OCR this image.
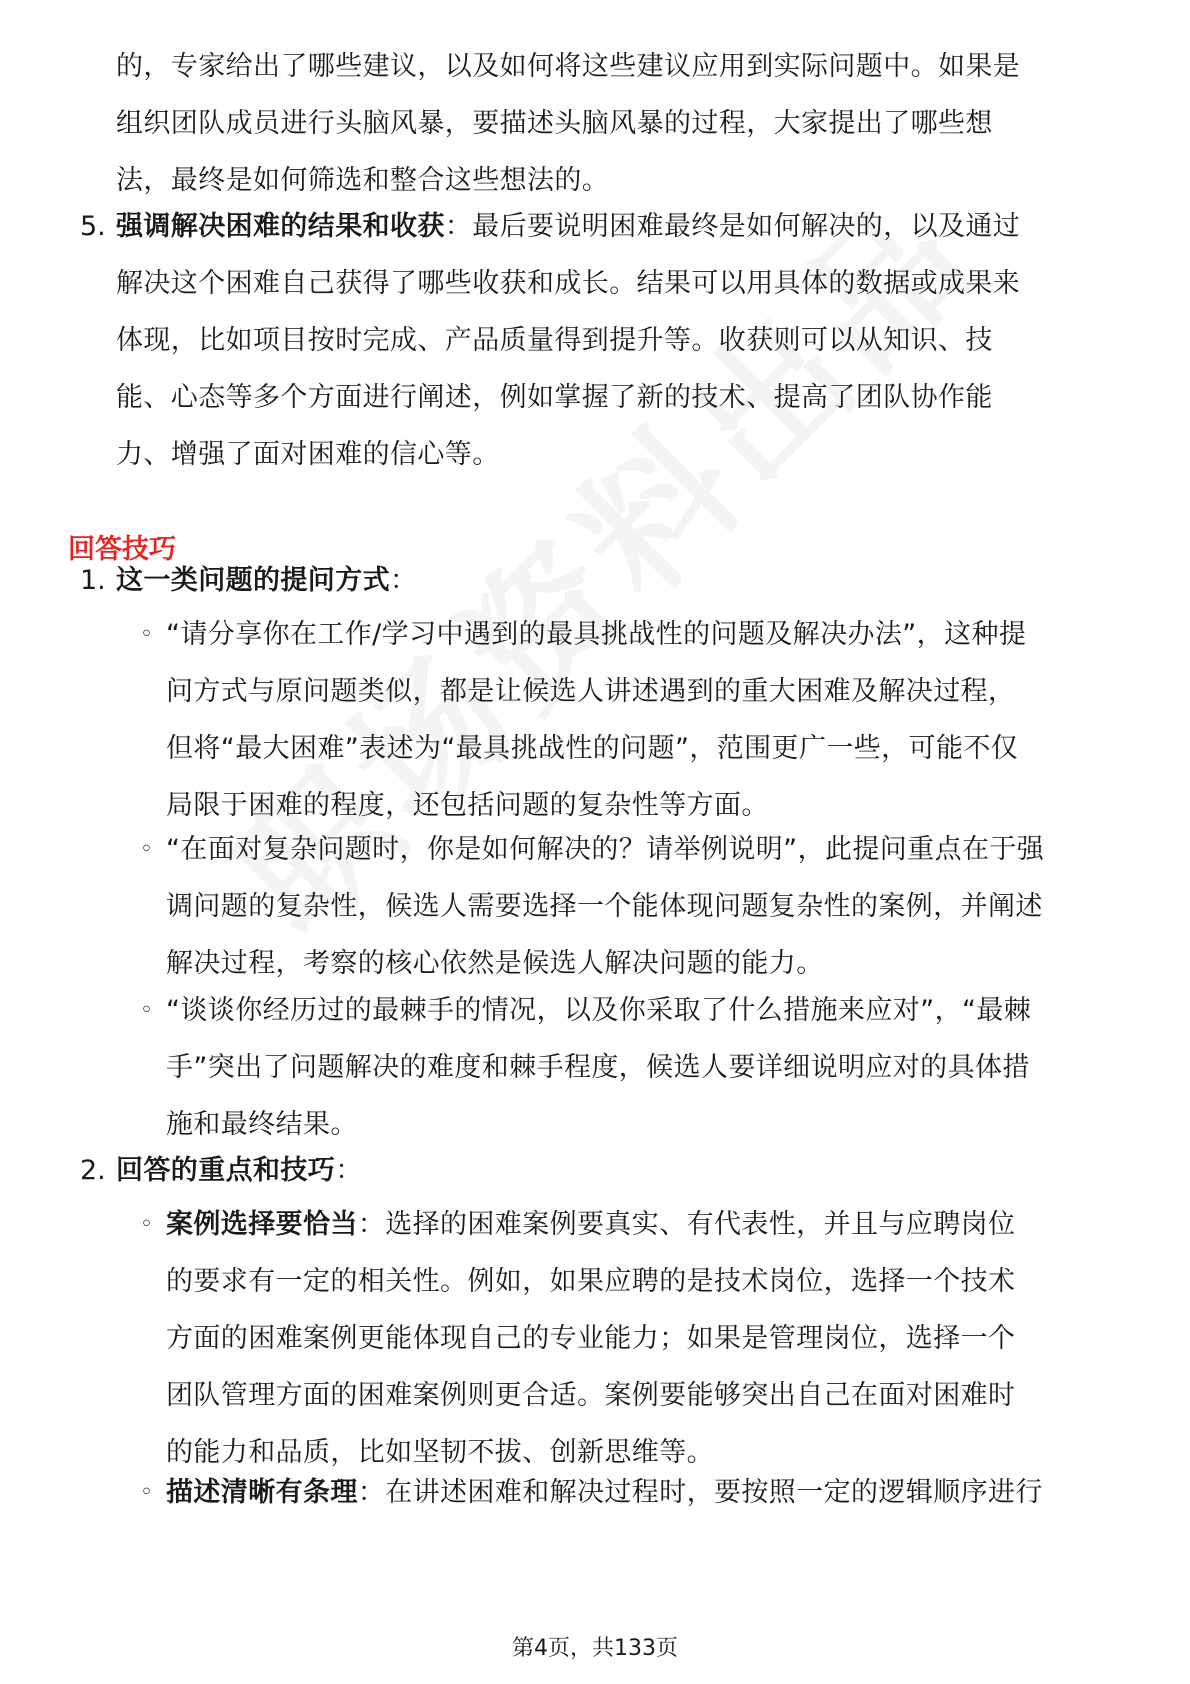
的，专家给出了哪些建议，以及如何将这些建议应用到实际问题中。如果是组织团队成员进行头脑风暴，要描述头脑风暴的过程，大家提出了哪些想法，最终是如何筛选和整合这些想法的。
5. 强调解决困难的结果和收获：最后要说明困难最终是如何解决的，以及通过解决这个困难自己获得了哪些收获和成长。结果可以用具体的数据或成果来体现，比如项目按时完成、产品质量得到提升等。收获则可以从知识、技能、心态等多个方面进行阐述，例如掌握了新的技术、提高了团队协作能力、增强了面对困难的信心等。
回答技巧
1. 这一类问题的提问方式：
◦ “请分享你在工作/学习中遇到的最具挑战性的问题及解决办法”，这种提问方式与原问题类似，都是让候选人讲述遇到的重大困难及解决过程，但将“最大困难”表述为“最具挑战性的问题”，范围更广一些，可能不仅局限于困难的程度，还包括问题的复杂性等方面。
◦ “在面对复杂问题时，你是如何解决的？请举例说明”，此提问重点在于强调问题的复杂性，候选人需要选择一个能体现问题复杂性的案例，并阐述解决过程，考察的核心依然是候选人解决问题的能力。
◦ “谈谈你经历过的最棘手的情况，以及你采取了什么措施来应对”，“最棘手”突出了问题解决的难度和棘手程度，候选人要详细说明应对的具体措施和最终结果。
2. 回答的重点和技巧：
◦ 案例选择要恰当：选择的困难案例要真实、有代表性，并且与应聘岗位的要求有一定的相关性。例如，如果应聘的是技术岗位，选择一个技术方面的困难案例更能体现自己的专业能力；如果是管理岗位，选择一个团队管理方面的困难案例则更合适。案例要能够突出自己在面对困难时的能力和品质，比如坚韧不拔、创新思维等。
◦ 描述清晰有条理：在讲述困难和解决过程时，要按照一定的逻辑顺序进行
第4页，共133页
